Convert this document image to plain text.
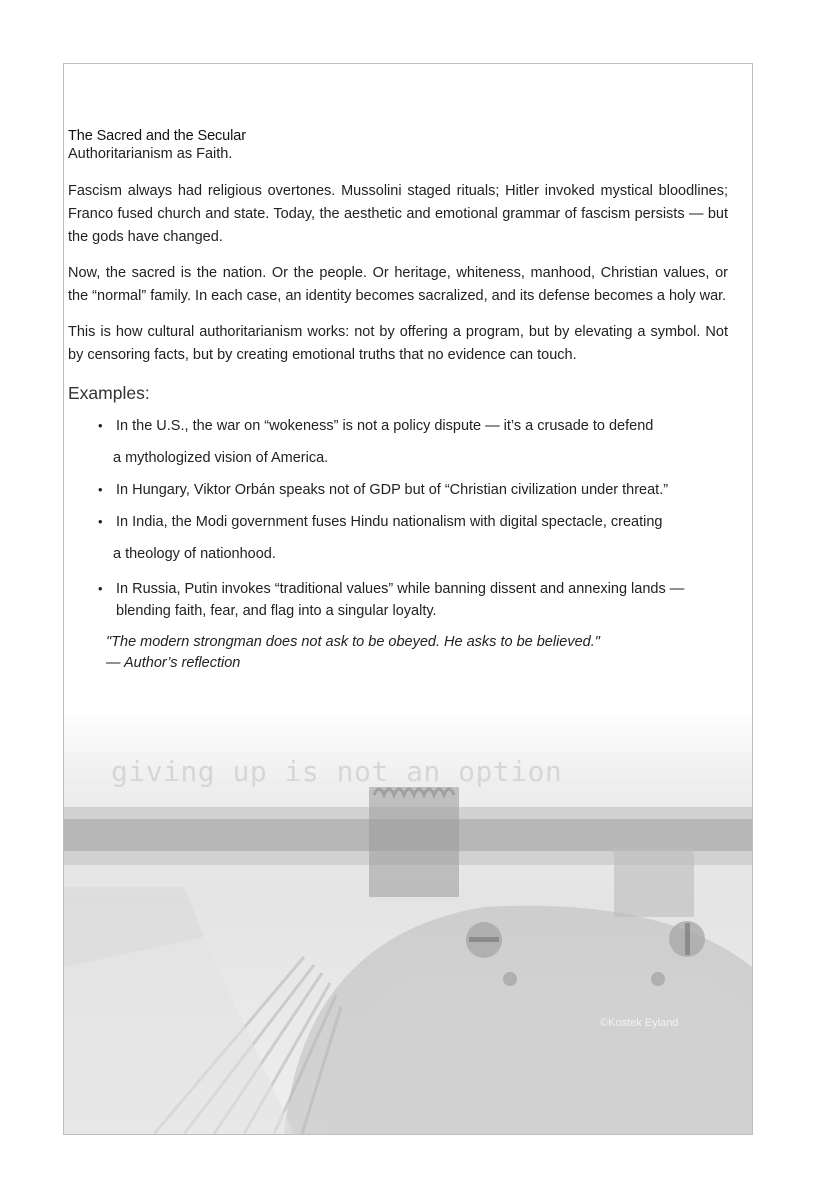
The Sacred and the Secular

Authoritarianism as Faith.

Fascism always had religious overtones. Mussolini staged rituals; Hitler invoked mystical bloodlines; Franco fused church and state. Today, the aesthetic and emotional grammar of fascism persists — but the gods have changed.

Now, the sacred is the nation. Or the people. Or heritage, whiteness, manhood, Christian values, or the “normal” family. In each case, an identity becomes sacralized, and its defense becomes a holy war.

This is how cultural authoritarianism works: not by offering a program, but by elevating a symbol. Not by censoring facts, but by creating emotional truths that no evidence can touch.

Examples:

• In the U.S., the war on “wokeness” is not a policy dispute — it’s a crusade to defend
a mythologized vision of America.
• In Hungary, Viktor Orbán speaks not of GDP but of “Christian civilization under threat.”
• In India, the Modi government fuses Hindu nationalism with digital spectacle, creating
a theology of nationhood.
• In Russia, Putin invokes “traditional values” while banning dissent and annexing lands —
blending faith, fear, and flag into a singular loyalty.
"The modern strongman does not ask to be obeyed. He asks to be believed."
— Author’s reflection
giving up is not an option
©Kostek Eyland
